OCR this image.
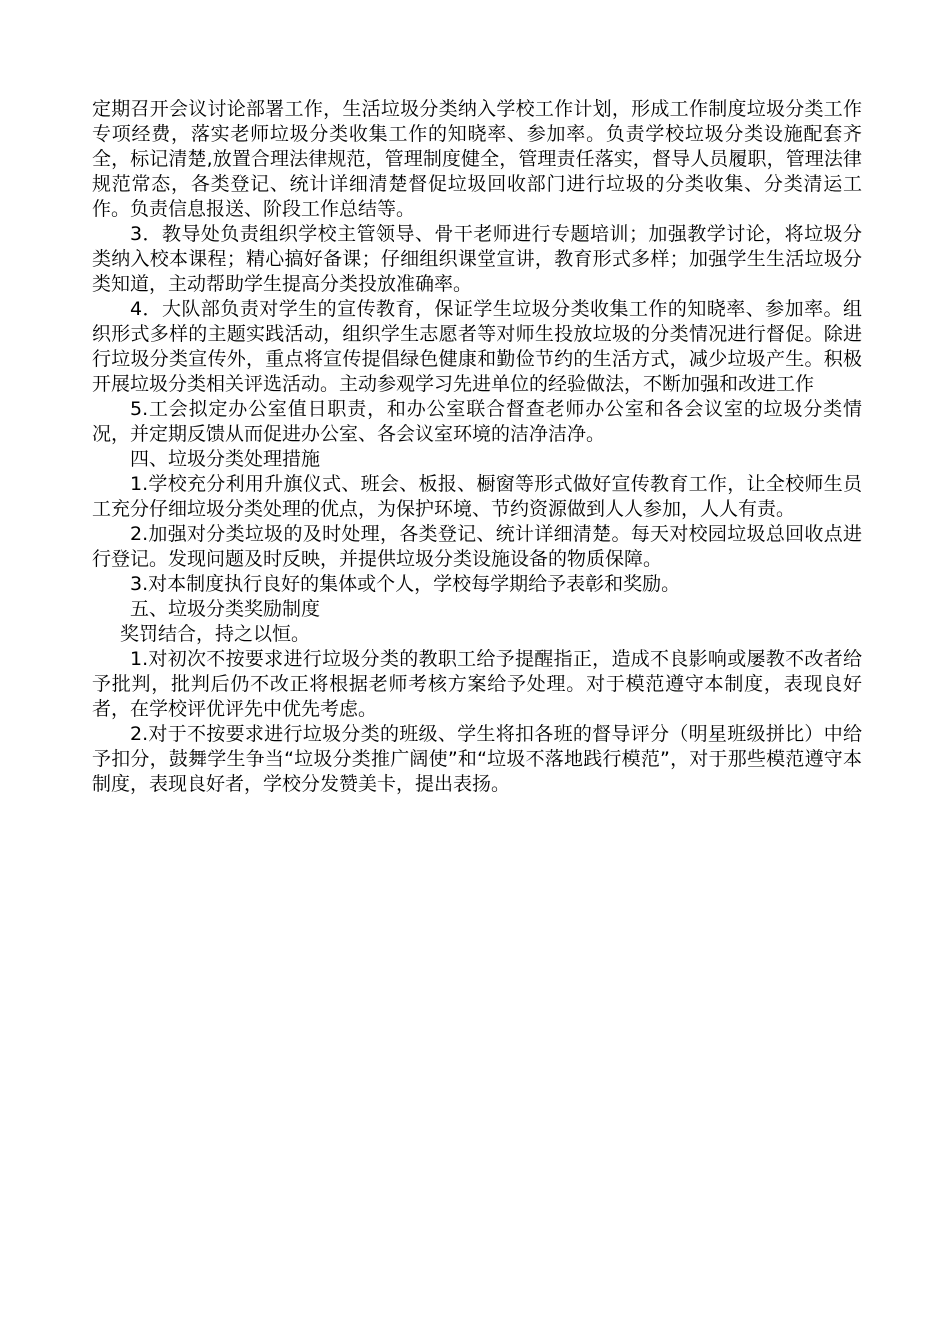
定期召开会议讨论部署工作，生活垃圾分类纳入学校工作计划，形成工作制度垃圾分类工作专项经费，落实老师垃圾分类收集工作的知晓率、参加率。负责学校垃圾分类设施配套齐全，标记清楚,放置合理法律规范，管理制度健全，管理责任落实，督导人员履职，管理法律规范常态，各类登记、统计详细清楚督促垃圾回收部门进行垃圾的分类收集、分类清运工作。负责信息报送、阶段工作总结等。

3．教导处负责组织学校主管领导、骨干老师进行专题培训；加强教学讨论，将垃圾分类纳入校本课程；精心搞好备课；仔细组织课堂宣讲，教育形式多样；加强学生生活垃圾分类知道，主动帮助学生提高分类投放准确率。

4．大队部负责对学生的宣传教育，保证学生垃圾分类收集工作的知晓率、参加率。组织形式多样的主题实践活动，组织学生志愿者等对师生投放垃圾的分类情况进行督促。除进行垃圾分类宣传外，重点将宣传提倡绿色健康和勤俭节约的生活方式，减少垃圾产生。积极开展垃圾分类相关评选活动。主动参观学习先进单位的经验做法，不断加强和改进工作

5.工会拟定办公室值日职责，和办公室联合督查老师办公室和各会议室的垃圾分类情况，并定期反馈从而促进办公室、各会议室环境的洁净洁净。

四、垃圾分类处理措施

1.学校充分利用升旗仪式、班会、板报、橱窗等形式做好宣传教育工作，让全校师生员工充分仔细垃圾分类处理的优点，为保护环境、节约资源做到人人参加，人人有责。

2.加强对分类垃圾的及时处理，各类登记、统计详细清楚。每天对校园垃圾总回收点进行登记。发现问题及时反映，并提供垃圾分类设施设备的物质保障。

3.对本制度执行良好的集体或个人，学校每学期给予表彰和奖励。

五、垃圾分类奖励制度

奖罚结合，持之以恒。

1.对初次不按要求进行垃圾分类的教职工给予提醒指正，造成不良影响或屡教不改者给予批判，批判后仍不改正将根据老师考核方案给予处理。对于模范遵守本制度，表现良好者，在学校评优评先中优先考虑。

2.对于不按要求进行垃圾分类的班级、学生将扣各班的督导评分（明星班级拼比）中给予扣分，鼓舞学生争当“垃圾分类推广阔使”和“垃圾不落地践行模范”，对于那些模范遵守本制度，表现良好者，学校分发赞美卡，提出表扬。
